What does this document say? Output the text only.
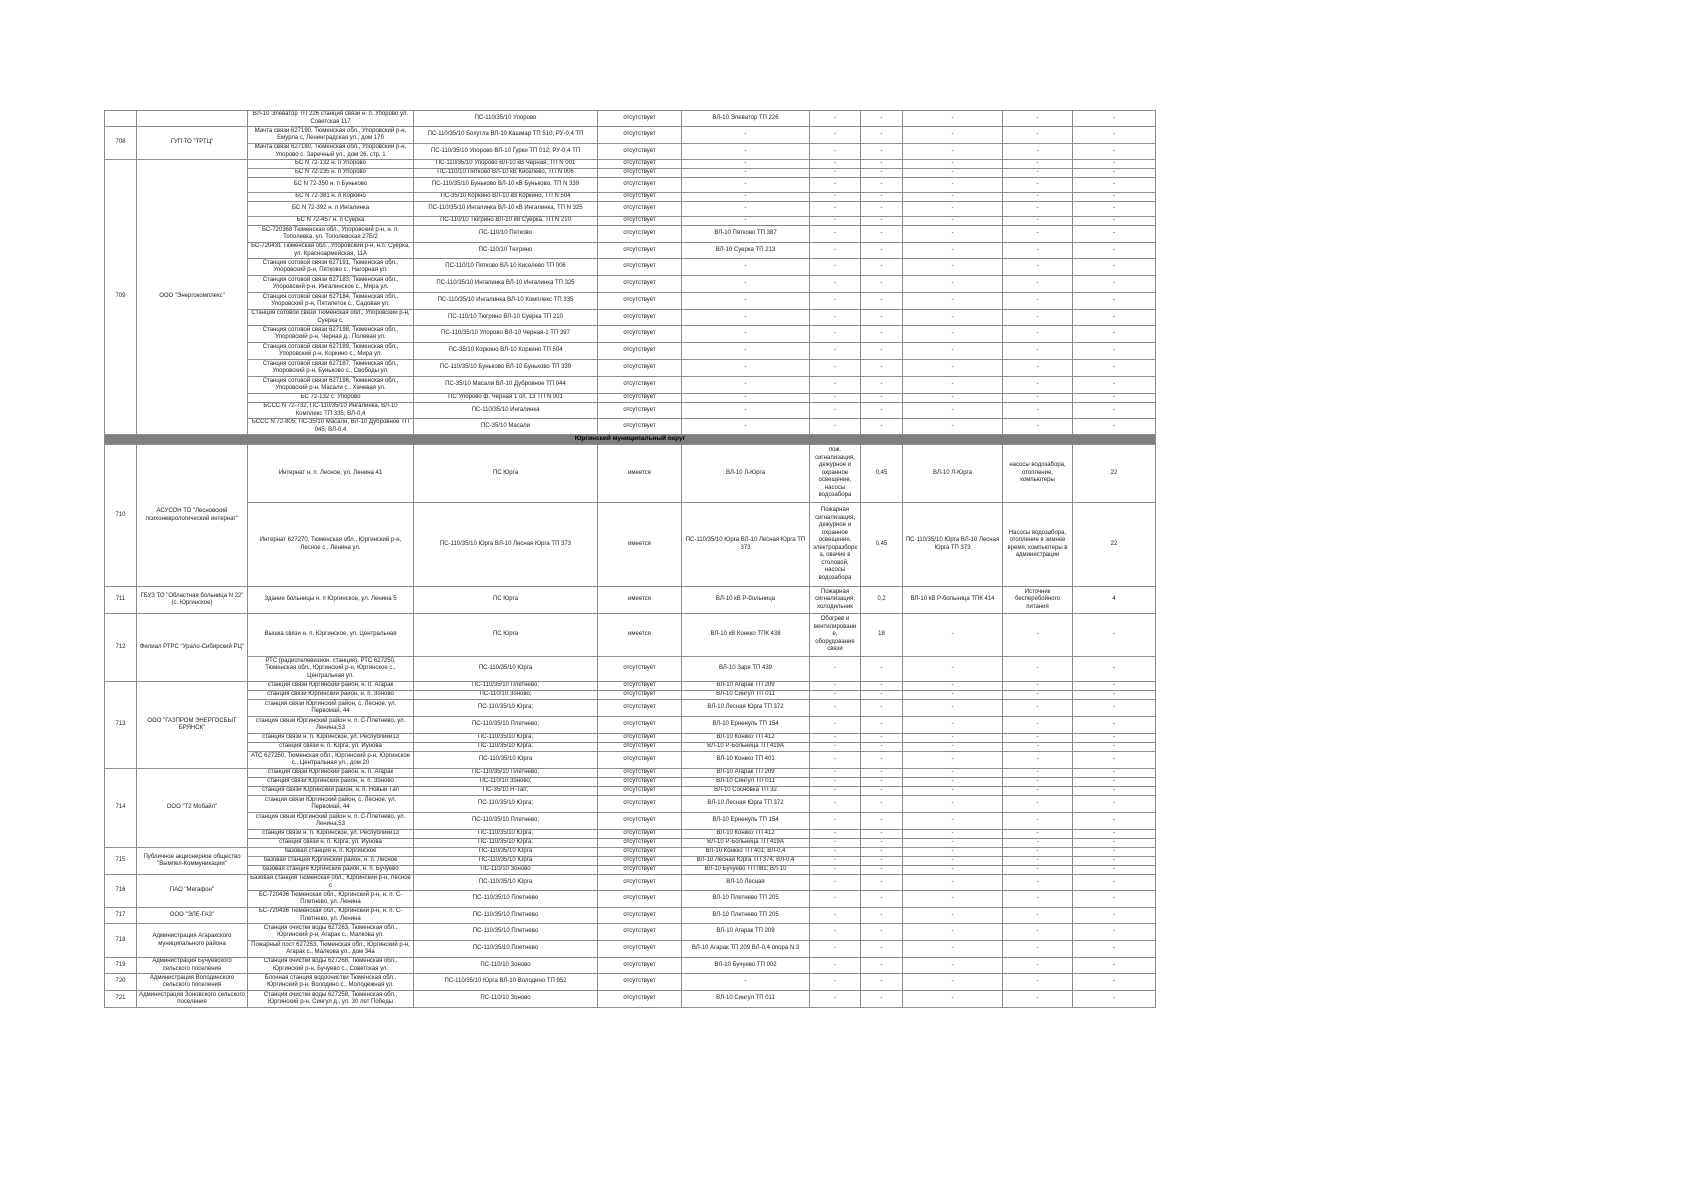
		ВЛ-10 Элеватор ТП 226 станция связи н. п. Упорово ул. Советская 117	ПС-110/35/10 Упорово	отсутствует	ВЛ-10 Элеватор ТП 226	-	-	-	-	-
708	ГУП ТО "ТРТЦ"	Мачта связи 627190, Тюменская обл., Упоровский р-н, Емурла с, Ленинградская ул., дом 17б	ПС-110/35/10 Бохутла ВЛ-10 Кашмар ТП 510; РУ-0,4 ТП	отсутствует	-	-	-	-	-	-
		Мачта связи 627180, Тюменская обл., Упоровский р-н, Упорово с. Заречный ул., дом 26, стр. 1	ПС-110/35/10 Упорово ВЛ-10 Гурки ТП 012; РУ-0,4 ТП	отсутствует	-	-	-	-	-	-
709	ООО "Энергокомплекс"	БС N 72-132 н. п Упорово	ПС-110/35/10 Упорово ВЛ-10 кВ Черная, ТП N 001	отсутствует	-	-	-	-	-	-
		БС N 72-235 н. п Упорово	ПС-110/10 Пятково ВЛ-10 кВ Киселево, ТП N 006	отсутствует	-	-	-	-	-	-
		БС N 72-350 н. п Буньково	ПС-110/35/10 Буньково ВЛ-10 кВ Буньково, ТП N 339	отсутствует	-	-	-	-	-	-
		БС N 72-381 н. п Коркино	ПС-35/10 Коркино ВЛ-10 кВ Коркино, ТП N 504	отсутствует	-	-	-	-	-	-
		БС N 72-392 н. п Ингалинка	ПС-110/35/10 Ингалинка ВЛ-10 кВ Ингалинка, ТП N 325	отсутствует	-	-	-	-	-	-
		БС N 72-457 н. п Суерка	ПС-110/10 Тюгрино ВЛ-10 кВ Суерка, ТП N 210	отсутствует	-	-	-	-	-	-
		БС-720368 Тюменская обл., Упоровский р-н, н. п. Тополевка, ул. Тополевская 27Б/2	ПС-110/10 Пятково	отсутствует	ВЛ-10 Пятково ТП 387	-	-	-	-	-
		БС-720431 Тюменская обл., Упоровский р-н, н.п. Суерка, ул. Красноармейская, 11А	ПС-110/10 Тюгрино	отсутствует	ВЛ-10 Суерка ТП 213	-	-	-	-	-
		Станция сотовой связи 627191, Тюменская обл., Упоровский р-н, Пятково с., Нагорная ул.	ПС-110/10 Пятково ВЛ-10 Киселево ТП 006	отсутствует	-	-	-	-	-	-
		Станция сотовой связи 627183, Тюменская обл., Упоровский р-н, Ингалинское с., Мира ул.	ПС-110/35/10 Ингалинка ВЛ-10 Ингалинка ТП 325	отсутствует	-	-	-	-	-	-
		Станция сотовой связи 627184, Тюменская обл., Упоровский р-н, Пятилеток с., Садовая ул.	ПС-110/35/10 Ингалинка ВЛ-10 Комплекс ТП 335	отсутствует	-	-	-	-	-	-
		Станция сотовой связи Тюменская обл., Упоровский р-н, Суерка с.	ПС-110/10 Тюгрино ВЛ-10 Суерка ТП 210	отсутствует	-	-	-	-	-	-
		Станция сотовой связи 627198, Тюменская обл., Упоровский р-н, Черная д., Полевая ул.	ПС-110/35/10 Упорово ВЛ-10 Черная-1 ТП 397	отсутствует	-	-	-	-	-	-
		Станция сотовой связи 627189, Тюменская обл., Упоровский р-н, Коркино с., Мира ул.	ПС-35/10 Коркино ВЛ-10 Коркино ТП 504	отсутствует	-	-	-	-	-	-
		Станция сотовой связи 627187, Тюменская обл., Упоровский р-н, Буньково с., Свободы ул.	ПС-110/35/10 Буньково ВЛ-10 Буньково ТП 339	отсутствует	-	-	-	-	-	-
		Станция сотовой связи 627196, Тюменская обл., Упоровский р-н, Масали с., Хачевая ул.	ПС-35/10 Масали ВЛ-10 Дубровное ТП 044	отсутствует	-	-	-	-	-	-
		БС 72-132 с. Упорово	ПС Упорово ф. Черная 1 оп. 13 ТП N 001	отсутствует	-	-	-	-	-	-
		БССС N 72-732, ПС-110/35/10 Ингалинка, ВЛ-10 Комплекс ТП 335; ВЛ-0,4	ПС-110/35/10 Ингалинка	отсутствует	-	-	-	-	-	-
		БССС N 72-805, ПС-35/10 Масали, ВЛ-10 Дубровное ТП 045; ВЛ-0,4	ПС-35/10 Масали	отсутствует	-	-	-	-	-	-
Юргинский муниципальный округ										
710	АСУСОН ТО "Лесновский психоневрологический интернат"	Интернат н. п. Лесное, ул. Ленина 41	ПС Юрга	имеется	ВЛ-10 Л-Юрга	пож. сигнализация, дежурное и охранное освещение, насосы водозабора	0,45	ВЛ-10 Л-Юрга	насосы водозабора, отопление, компьютеры	22
		Интернат 627270, Тюменская обл., Юргинский р-н, Лесное с., Ленина ул.	ПС-110/35/10 Юрга ВЛ-10 Лесная Юрга ТП 373	имеется	ПС-110/35/10 Юрга ВЛ-10 Лесная Юрга ТП 373	Пожарная сигнализация, дежурное и охранное освещение, электроразборка, овачие в столовой, насосы водозабора	0,45	ПС-110/35/10 Юрга ВЛ-10 Лесная Юрга ТП 373	Насосы водозабора, отопление в зимнее время, компьютеры в администрации	22
711	ГБУЗ ТО "Областная больница N 22" (с. Юргинское)	Здание больницы н. п Юргинское, ул. Ленина 5	ПС Юрга	имеется	ВЛ-10 кВ Р-больница	Пожарная сигнализация, холодильник	0,2	ВЛ-10 кВ Р-больница ТПК 414	Источник бесперебойного питания	4
712	Филиал РТРС "Урало-Сибирский РЦ"	Вышка связи н. п. Юргинское, ул. Центральная	ПС Юрга	имеется	ВЛ-10 кВ Конкко ТПК 438	Обогрев и вентилировани е, оборудование связи	18	-	-	-
		РТС (радиотелевизион. станция), РТС 627250, Тюменская обл., Юргинский р-н, Юргинское с., Центральная ул.	ПС-110/35/10 Юрга	отсутствует	ВЛ-10 Заря ТП 439	-	-	-	-	-
713	ООО "ГАЗПРОМ ЭНЕРГОСБЫТ БРЯНСК"	станция связи Юргинский район, н. п. Агарак	ПС-110/35/10 Плетнево;	отсутствует	ВЛ-10 Агарак ТП 209	-	-	-	-	-
		станция связи Юргинский район, н. п. Зоново	ПС-110/10 Зоново;	отсутствует	ВЛ-10 Сингул ТП 011	-	-	-	-	-
		станция связи Юргинский район, с. Лесное, ул. Первомай, 44	ПС-110/35/10 Юрга;	отсутствует	ВЛ-10 Лесная Юрга ТП 372	-	-	-	-	-
		станция связи Юргинский район н. п. С-Плетнево, ул. Ленина,53	ПС-110/35/10 Плетнево;	отсутствует	ВЛ-10 Ерненуль ТП 154	-	-	-	-	-
		станция связи н. п. Юргинское, ул. Республики13	ПС-110/35/10 Юрга;	отсутствует	ВЛ-10 Конкко ТП 412	-	-	-	-	-
		станция связи н. п. Юрга, ул. Иунова	ПС-110/35/10 Юрга;	отсутствует	ВЛ-10 Р-Больница ТП 419А	-	-	-	-	-
		АТС 627250, Тюменская обл., Юргинский р-н, Юргинское с., Центральная ул., дом 20	ПС-110/35/10 Юрга	отсутствует	ВЛ-10 Конкко ТП 401	-	-	-	-	-
714	ООО "Т2 Мобайл"	станция связи Юргинский район, н. п. Агарак	ПС-110/35/10 Плетнево;	отсутствует	ВЛ-10 Агарак ТП 209	-	-	-	-	-
		станция связи Юргинский район, н. п. Зоново	ПС-110/10 Зоново;	отсутствует	ВЛ-10 Сингул ТП 011	-	-	-	-	-
		станция связи Юргинский район, н. п. Новый Тап	ПС-35/10 Н-Тап;	отсутствует	ВЛ-10 Сосновка ТП 32	-	-	-	-	-
		станция связи Юргинский район, с. Лесное, ул. Первомай, 44	ПС-110/35/10 Юрга;	отсутствует	ВЛ-10 Лесная Юрга ТП 372	-	-	-	-	-
		станция связи Юргинский район н. п. С-Плетнево, ул. Ленина,53	ПС-110/35/10 Плетнево;	отсутствует	ВЛ-10 Ерненуль ТП 154	-	-	-	-	-
		станция связи н. п. Юргинское, ул. Республики13	ПС-110/35/10 Юрга;	отсутствует	ВЛ-10 Конкко ТП 412	-	-	-	-	-
		станция связи н. п. Юрга, ул. Иунова	ПС-110/35/10 Юрга;	отсутствует	ВЛ-10 Р-Больница ТП 419А	-	-	-	-	-
715	Публичное акционерное общество "Вымпел-Коммуникации"	базовая станция н. п. Юргинское	ПС-110/35/10 Юрга	отсутствует	ВЛ-10 Конкко ТП 401; ВЛ-0,4	-	-	-	-	-
		базовая станция Юргинский район, н. п. Лесное	ПС-110/35/10 Юрга	отсутствует	ВЛ-10 Лесная Юрга ТП 374; ВЛ-0,4	-	-	-	-	-
		базовая станция Юргинский район, н. п. Бучуево	ПС-110/10 Зоново	отсутствует	ВЛ-10 Бучуево ТП 081; ВЛ-10	-	-	-	-	-
716	ПАО "Мегафон"	Базовая станция Тюменская обл., Юргинский р-н, Лесное с	ПС-110/35/10 Юрга	отсутствует	ВЛ-10 Лесная	-	-	-	-	-
		БС-720436 Тюменская обл., Юргинский р-н, н. п. С-Плетнево, ул. Ленина	ПС-110/35/10 Плетнево	отсутствует	ВЛ-10 Плетнево ТП 205	-	-	-	-	-
717	ООО "ЭЛЕ-ГАЗ"	БС-720436 Тюменская обл., Юргинский р-н, н. п. С-Плетнево, ул. Ленина	ПС-110/35/10 Плетнево	отсутствует	ВЛ-10 Плетнево ТП 205	-	-	-	-	-
718	Администрация Агаракского муниципального района	Станция очистки воды 627263, Тюменская обл., Юргинский р-н, Агарак с., Малкова ул.	ПС-110/35/10 Плетнево	отсутствует	ВЛ-10 Агарак ТП 209	-	-	-	-	-
		Пожарный пост 627263, Тюменская обл., Юргинский р-н, Агарак с., Малкова ул., дом 34а	ПС-110/35/10 Плетнево	отсутствует	ВЛ-10 Агарак ТП 209 ВЛ-0,4 опора N 3	-	-	-	-	-
719	Администрация Бучуевского сельского поселения	Станция очистки воды 627268, Тюменская обл., Юргинский р-н, Бучуево с., Советская ул.	ПС-110/10 Зоново	отсутствует	ВЛ-10 Бучуево ТП 002	-	-	-	-	-
720	Администрация Володинского сельского поселения	Блочная станция водоочистки Тюменская обл., Юргинский р-н, Володино с., Молодежная ул.	ПС-110/35/10 Юрга ВЛ-10 Володино ТП 952	отсутствует	-	-	-	-	-	-
721	Администрация Зоновского сельского поселения	Станция очистки воды 627258, Тюменская обл., Юргинский р-н, Сингул д., ул. 30 лет Победы	ПС-110/10 Зоново	отсутствует	ВЛ-10 Сингул ТП 011	-	-	-	-	-
